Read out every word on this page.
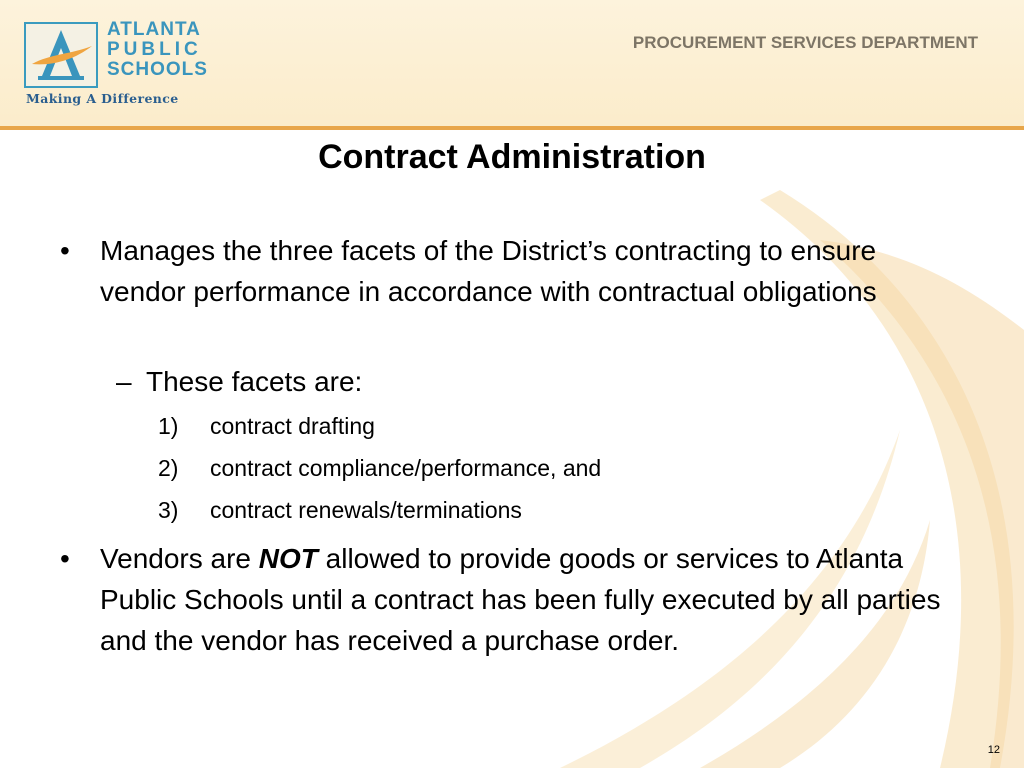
ATLANTA
PUBLIC
SCHOOLS
Making A Difference
PROCUREMENT SERVICES DEPARTMENT
Contract Administration
• Manages the three facets of the District’s contracting to ensure vendor performance in accordance with contractual obligations
– These facets are:
1) contract drafting
2) contract compliance/performance, and
3) contract renewals/terminations
• Vendors are NOT allowed to provide goods or services to Atlanta Public Schools until a contract has been fully executed by all parties and the vendor has received a purchase order.
12
